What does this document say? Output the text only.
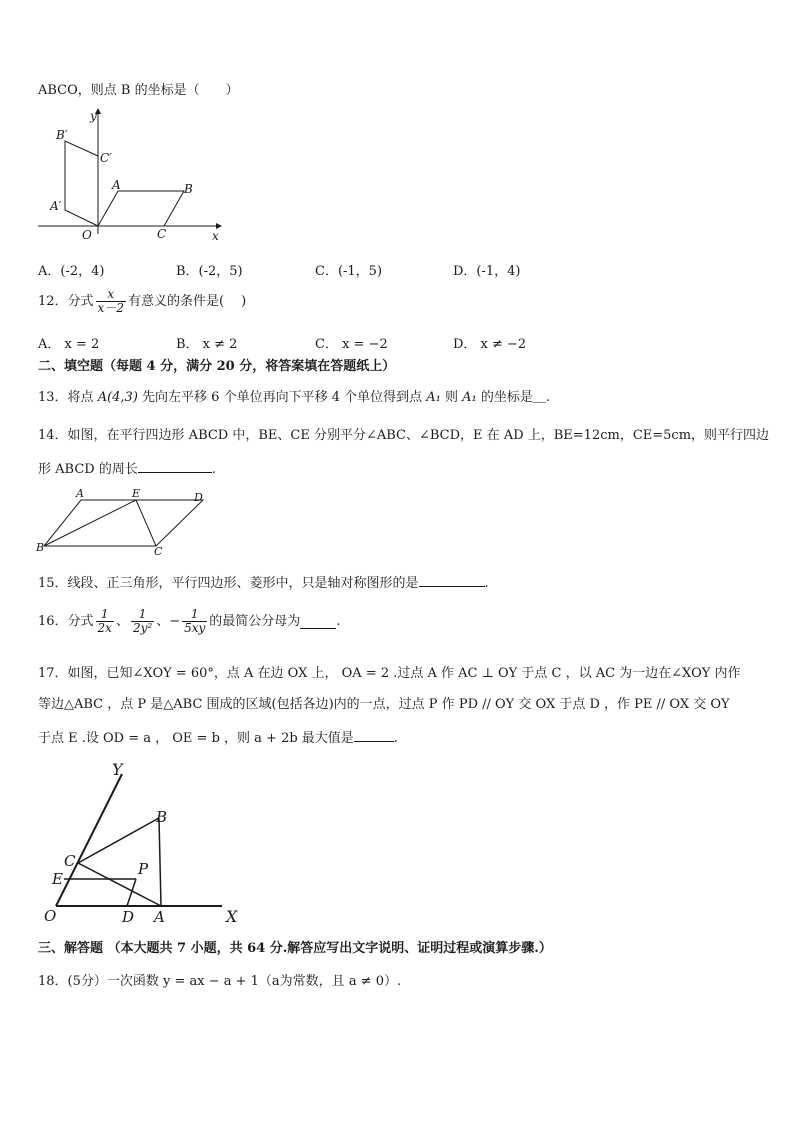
ABCO，则点 B 的坐标是（　　）
y
x
O
A	B
C
A′
B′
C′
A．(-2，4)	B．(-2，5)	C．(-1，5)	D．(-1，4)
12．分式 $\frac{x}{x-2}$ 有意义的条件是(　 )
A． x = 2	B． x ≠ 2	C． x = −2	D． x ≠ −2
二、填空题（每题 4 分，满分 20 分，将答案填在答题纸上）
13．将点 A(4,3) 先向左平移 6 个单位再向下平移 4 个单位得到点 A₁ 则 A₁ 的坐标是＿.
14．如图，在平行四边形 ABCD 中，BE、CE 分别平分∠ABC、∠BCD，E 在 AD 上，BE=12cm，CE=5cm，则平行四边
形 ABCD 的周长	.
A	E	D
B	C
15．线段、正三角形，平行四边形、菱形中，只是轴对称图形的是	.
16．分式 $\frac{1}{2x}$ 、 $\frac{1}{\text{2y²}}$ 、− $\frac{1}{5xy}$ 的最简公分母为	.
17．如图，已知∠XOY = 60°，点 A 在边 OX 上， OA = 2 .过点 A 作 AC ⊥ OY 于点 C ，以 AC 为一边在∠XOY 内作
等边△ABC ，点 P 是△ABC 围成的区域(包括各边)内的一点，过点 P 作 PD // OY 交 OX 于点 D ，作 PE // OX 交 OY
于点 E .设 OD = a ， OE = b ，则 a + 2b 最大值是	.
Y
B
C	P
E
O	D A	X
三、解答题 （本大题共 7 小题，共 64 分.解答应写出文字说明、证明过程或演算步骤.）
18．(5分）一次函数 y = ax − a + 1（a为常数，且 a ≠ 0）.
